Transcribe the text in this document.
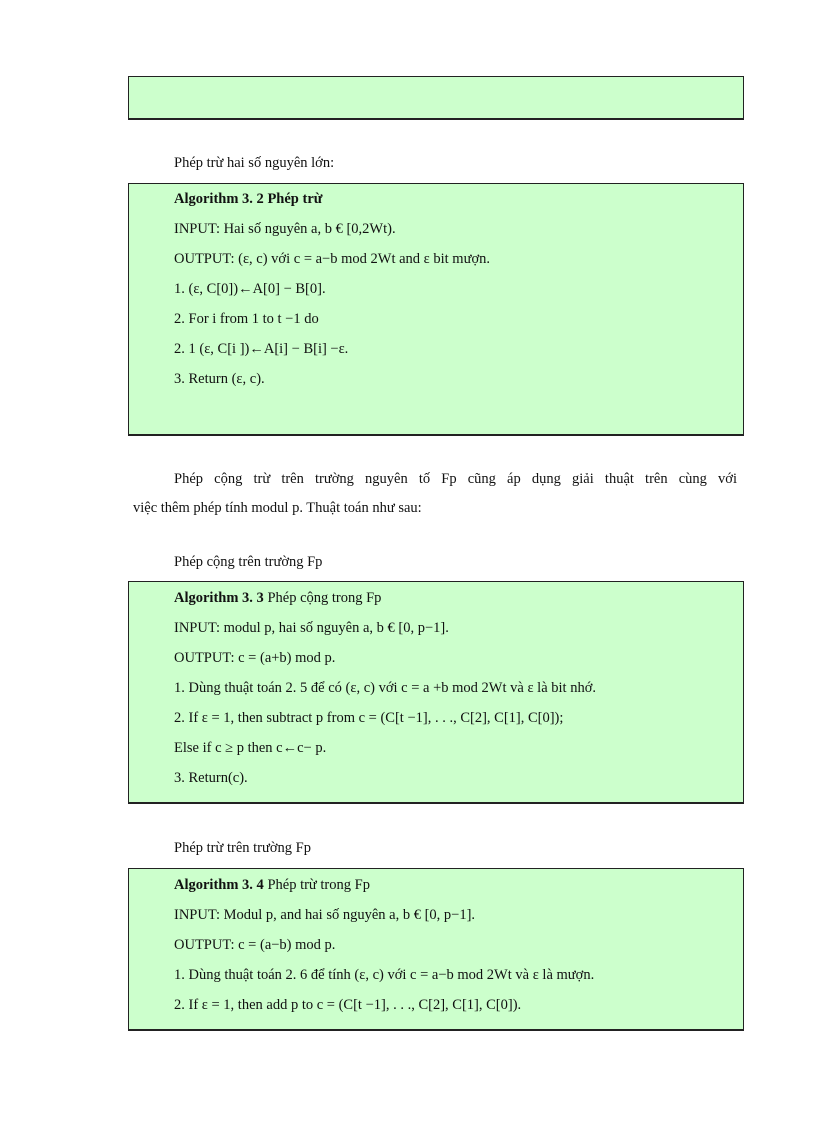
Phép trừ hai số nguyên lớn:
Algorithm 3. 2 Phép trừ
INPUT: Hai số nguyên a, b € [0,2Wt).
OUTPUT: (ε, c) với c = a−b mod 2Wt and ε bit mượn.
1. (ε, C[0])←A[0] − B[0].
2. For i from 1 to t −1 do
2. 1 (ε, C[i ])←A[i] − B[i] −ε.
3. Return (ε, c).
Phép cộng trừ trên trường nguyên tố Fp cũng áp dụng giải thuật trên cùng với
việc thêm phép tính modul p. Thuật toán như sau:
Phép cộng trên trường Fp
Algorithm 3. 3 Phép cộng trong Fp
INPUT: modul p, hai số nguyên a, b € [0, p−1].
OUTPUT: c = (a+b) mod p.
1. Dùng thuật toán 2. 5 để có (ε, c) với c = a +b mod 2Wt và ε là bit nhớ.
2. If ε = 1, then subtract p from c = (C[t −1], . . ., C[2], C[1], C[0]);
Else if c ≥ p then c←c− p.
3. Return(c).
Phép trừ trên trường Fp
Algorithm 3. 4 Phép trừ trong Fp
INPUT: Modul p, and hai số nguyên a, b € [0, p−1].
OUTPUT: c = (a−b) mod p.
1. Dùng thuật toán 2. 6 để tính (ε, c) với c = a−b mod 2Wt và ε là mượn.
2. If ε = 1, then add p to c = (C[t −1], . . ., C[2], C[1], C[0]).
